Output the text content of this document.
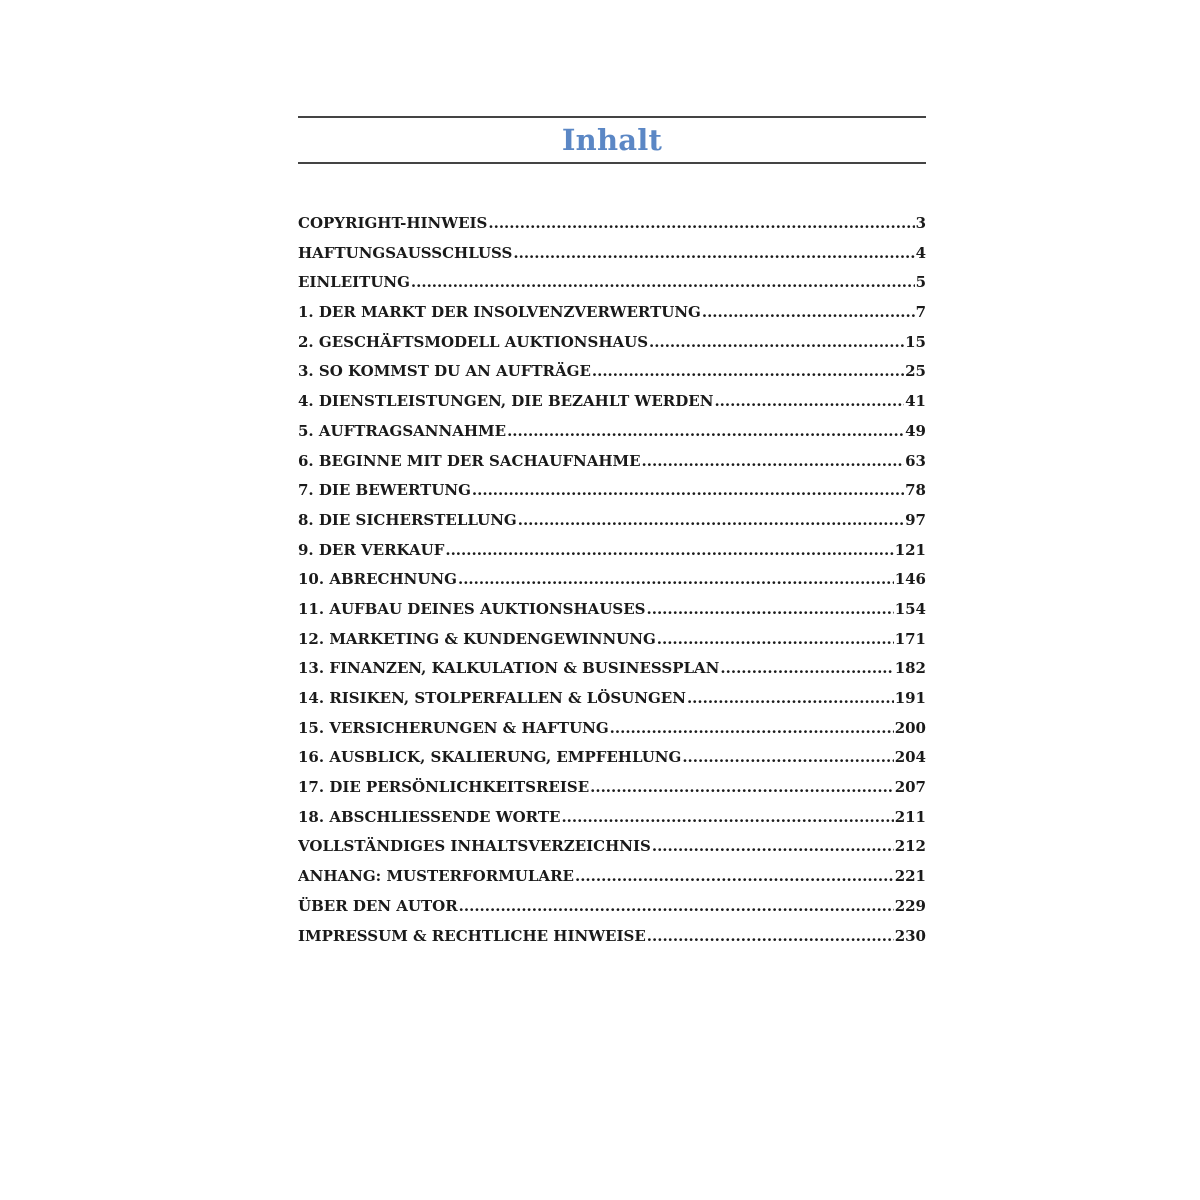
Inhalt
COPYRIGHT-HINWEIS .....	3
HAFTUNGSAUSSCHLUSS .....	4
EINLEITUNG .....	5
1. DER MARKT DER INSOLVENZVERWERTUNG .....	7
2. GESCHÄFTSMODELL AUKTIONSHAUS .....	15
3. SO KOMMST DU AN AUFTRÄGE .....	25
4. DIENSTLEISTUNGEN, DIE BEZAHLT WERDEN .....	41
5. AUFTRAGSANNAHME .....	49
6. BEGINNE MIT DER SACHAUFNAHME .....	63
7. DIE BEWERTUNG .....	78
8. DIE SICHERSTELLUNG .....	97
9. DER VERKAUF .....	121
10. ABRECHNUNG .....	146
11. AUFBAU DEINES AUKTIONSHAUSES .....	154
12. MARKETING & KUNDENGEWINNUNG .....	171
13. FINANZEN, KALKULATION & BUSINESSPLAN .....	182
14. RISIKEN, STOLPERFALLEN & LÖSUNGEN .....	191
15. VERSICHERUNGEN & HAFTUNG .....	200
16. AUSBLICK, SKALIERUNG, EMPFEHLUNG .....	204
17. DIE PERSÖNLICHKEITSREISE .....	207
18. ABSCHLIESSENDE WORTE .....	211
VOLLSTÄNDIGES INHALTSVERZEICHNIS .....	212
ANHANG: MUSTERFORMULARE .....	221
ÜBER DEN AUTOR .....	229
IMPRESSUM & RECHTLICHE HINWEISE .....	230
